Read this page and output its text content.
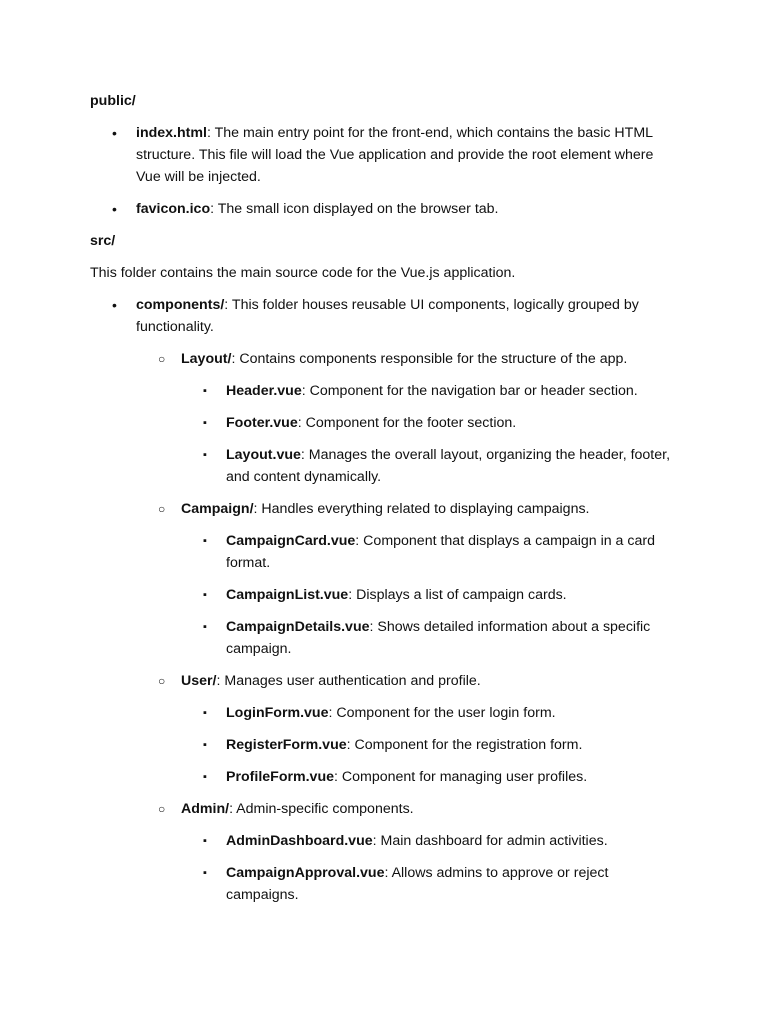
public/

• index.html: The main entry point for the front-end, which contains the basic HTML structure. This file will load the Vue application and provide the root element where Vue will be injected.
• favicon.ico: The small icon displayed on the browser tab.

src/

This folder contains the main source code for the Vue.js application.

• components/: This folder houses reusable UI components, logically grouped by functionality.
○ Layout/: Contains components responsible for the structure of the app.
▪ Header.vue: Component for the navigation bar or header section.
▪ Footer.vue: Component for the footer section.
▪ Layout.vue: Manages the overall layout, organizing the header, footer, and content dynamically.
○ Campaign/: Handles everything related to displaying campaigns.
▪ CampaignCard.vue: Component that displays a campaign in a card format.
▪ CampaignList.vue: Displays a list of campaign cards.
▪ CampaignDetails.vue: Shows detailed information about a specific campaign.
○ User/: Manages user authentication and profile.
▪ LoginForm.vue: Component for the user login form.
▪ RegisterForm.vue: Component for the registration form.
▪ ProfileForm.vue: Component for managing user profiles.
○ Admin/: Admin-specific components.
▪ AdminDashboard.vue: Main dashboard for admin activities.
▪ CampaignApproval.vue: Allows admins to approve or reject campaigns.
